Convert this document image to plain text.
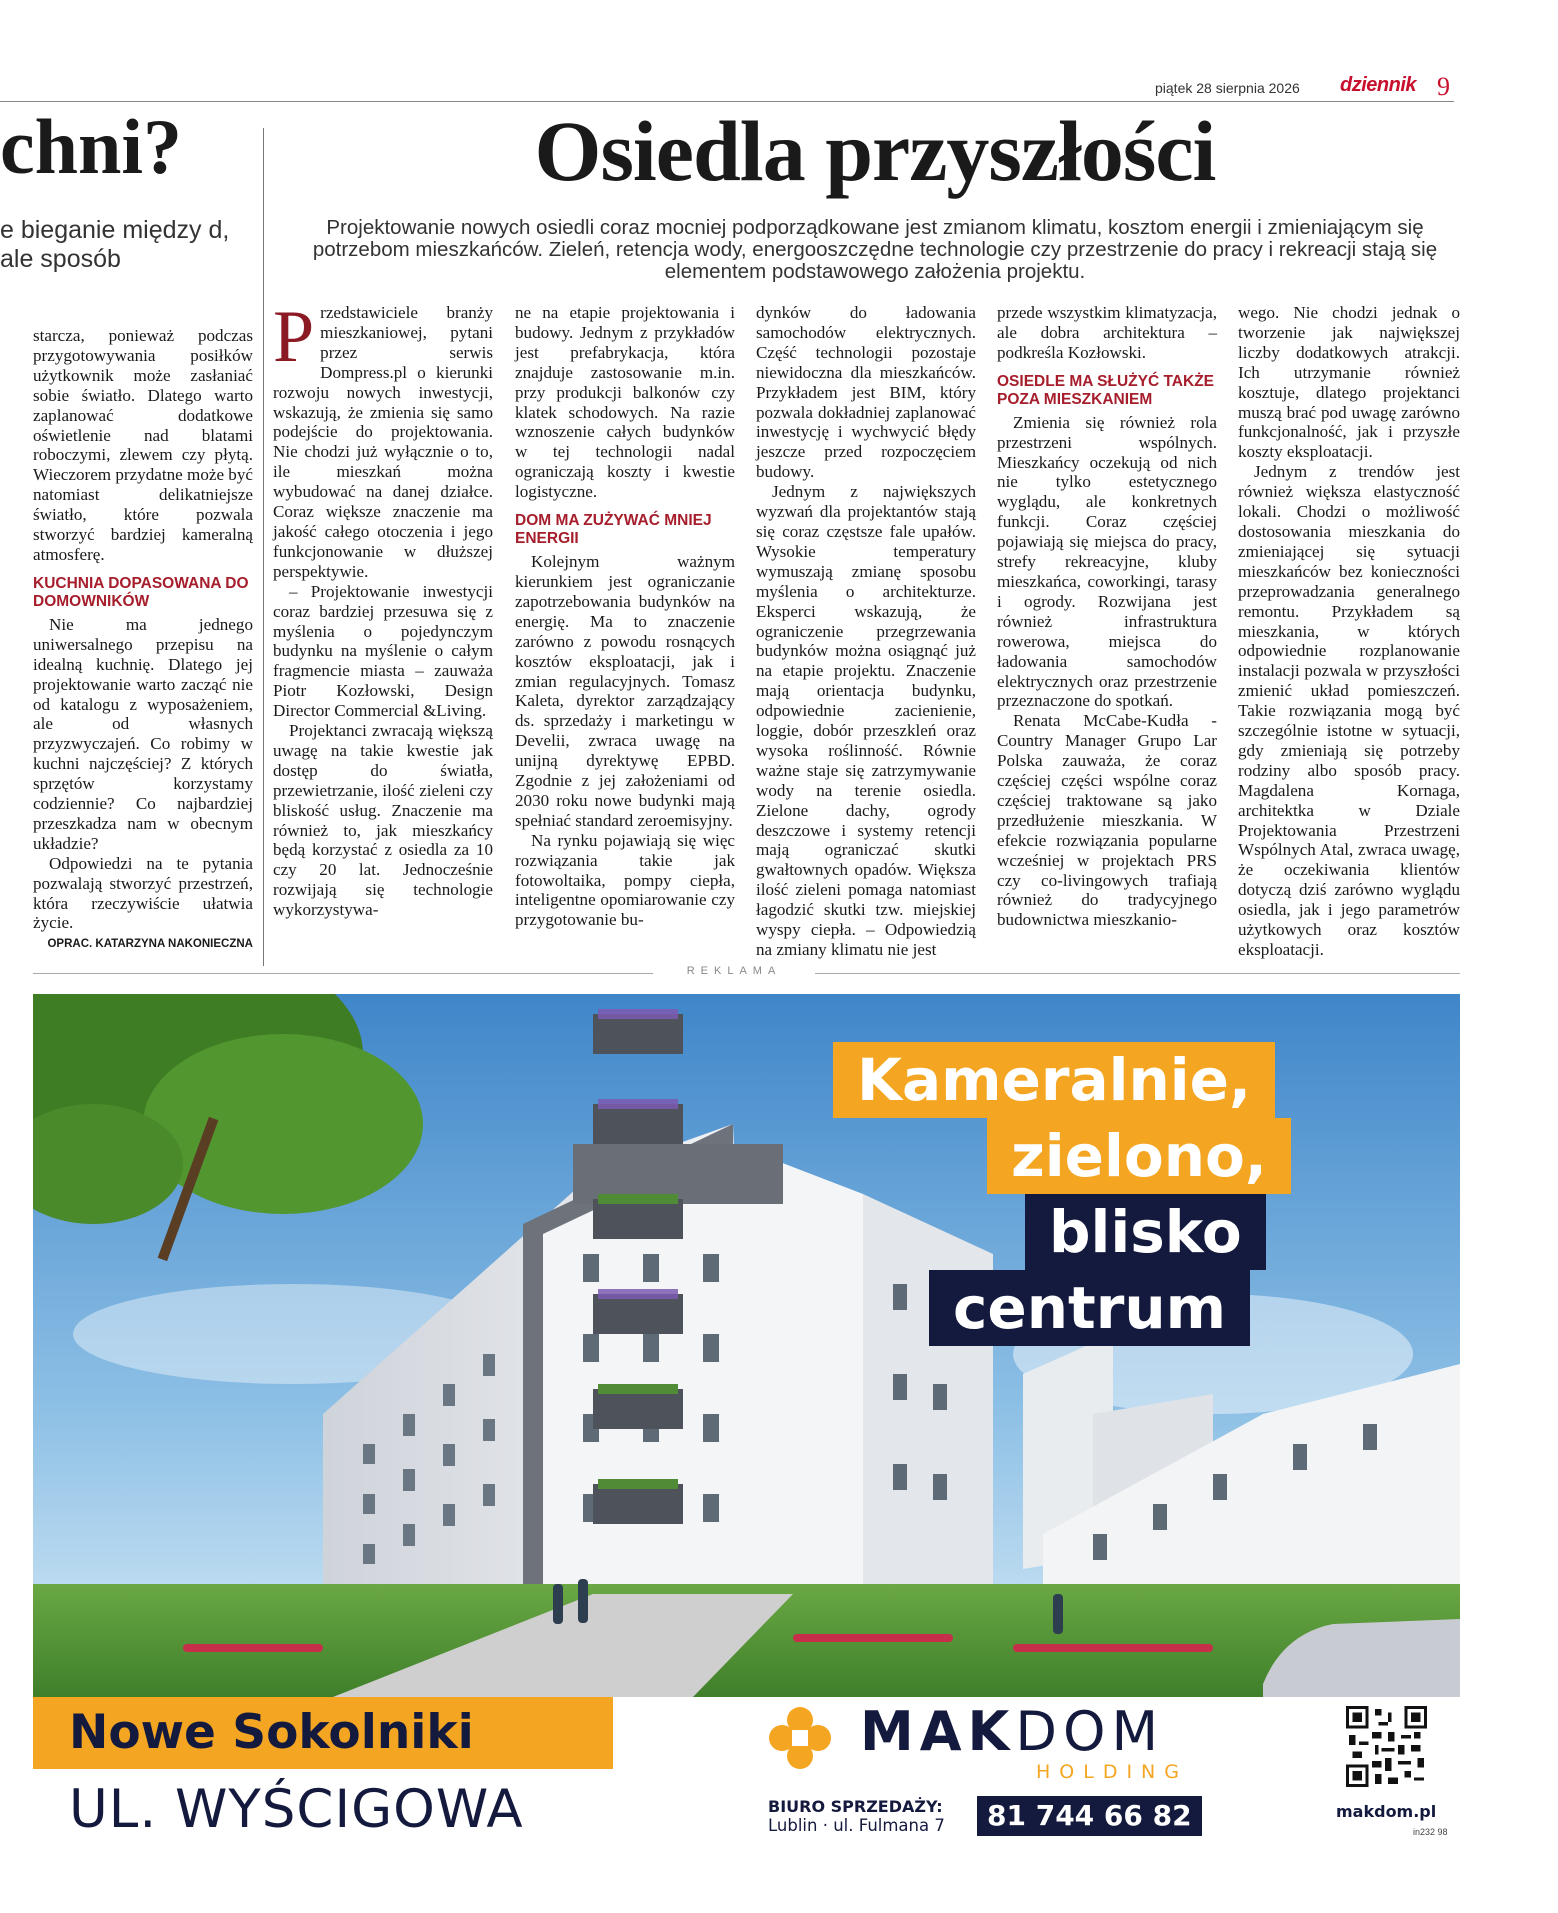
piątek 28 sierpnia 2026 dziennik 9
chni?
e bieganie między d, ale sposób

starcza, ponieważ podczas przygotowywania posiłków użytkownik może zasłaniać sobie światło. Dlatego warto zaplanować dodatkowe oświetlenie nad blatami roboczymi, zlewem czy płytą. Wieczorem przydatne może być natomiast delikatniejsze światło, które pozwala stworzyć bardziej kameralną atmosferę.

KUCHNIA DOPASOWANA DO DOMOWNIKÓW

Nie ma jednego uniwersalnego przepisu na idealną kuchnię. Dlatego jej projektowanie warto zacząć nie od katalogu z wyposażeniem, ale od własnych przyzwyczajeń. Co robimy w kuchni najczęściej? Z których sprzętów korzystamy codziennie? Co najbardziej przeszkadza nam w obecnym układzie?

Odpowiedzi na te pytania pozwalają stworzyć przestrzeń, która rzeczywiście ułatwia życie.

OPRAC. KATARZYNA NAKONIECZNA

Osiedla przyszłości
Projektowanie nowych osiedli coraz mocniej podporządkowane jest zmianom klimatu, kosztom energii i zmieniającym się potrzebom mieszkańców. Zieleń, retencja wody, energooszczędne technologie czy przestrzenie do pracy i rekreacji stają się elementem podstawowego założenia projektu.

Przedstawiciele branży mieszkaniowej, pytani przez serwis Dompress.pl o kierunki rozwoju nowych inwestycji, wskazują, że zmienia się samo podejście do projektowania. Nie chodzi już wyłącznie o to, ile mieszkań można wybudować na danej działce. Coraz większe znaczenie ma jakość całego otoczenia i jego funkcjonowanie w dłuższej perspektywie.

– Projektowanie inwestycji coraz bardziej przesuwa się z myślenia o pojedynczym budynku na myślenie o całym fragmencie miasta – zauważa Piotr Kozłowski, Design Director Commercial &Living.

Projektanci zwracają większą uwagę na takie kwestie jak dostęp do światła, przewietrzanie, ilość zieleni czy bliskość usług. Znaczenie ma również to, jak mieszkańcy będą korzystać z osiedla za 10 czy 20 lat. Jednocześnie rozwijają się technologie wykorzystywa-

ne na etapie projektowania i budowy. Jednym z przykładów jest prefabrykacja, która znajduje zastosowanie m.in. przy produkcji balkonów czy klatek schodowych. Na razie wznoszenie całych budynków w tej technologii nadal ograniczają koszty i kwestie logistyczne.

DOM MA ZUŻYWAĆ MNIEJ ENERGII

Kolejnym ważnym kierunkiem jest ograniczanie zapotrzebowania budynków na energię. Ma to znaczenie zarówno z powodu rosnących kosztów eksploatacji, jak i zmian regulacyjnych. Tomasz Kaleta, dyrektor zarządzający ds. sprzedaży i marketingu w Develii, zwraca uwagę na unijną dyrektywę EPBD. Zgodnie z jej założeniami od 2030 roku nowe budynki mają spełniać standard zeroemisyjny.

Na rynku pojawiają się więc rozwiązania takie jak fotowoltaika, pompy ciepła, inteligentne opomiarowanie czy przygotowanie bu-

dynków do ładowania samochodów elektrycznych. Część technologii pozostaje niewidoczna dla mieszkańców. Przykładem jest BIM, który pozwala dokładniej zaplanować inwestycję i wychwycić błędy jeszcze przed rozpoczęciem budowy.

Jednym z największych wyzwań dla projektantów stają się coraz częstsze fale upałów. Wysokie temperatury wymuszają zmianę sposobu myślenia o architekturze. Eksperci wskazują, że ograniczenie przegrzewania budynków można osiągnąć już na etapie projektu. Znaczenie mają orientacja budynku, odpowiednie zacienienie, loggie, dobór przeszkleń oraz wysoka roślinność. Równie ważne staje się zatrzymywanie wody na terenie osiedla. Zielone dachy, ogrody deszczowe i systemy retencji mają ograniczać skutki gwałtownych opadów. Większa ilość zieleni pomaga natomiast łagodzić skutki tzw. miejskiej wyspy ciepła. – Odpowiedzią na zmiany klimatu nie jest

przede wszystkim klimatyzacja, ale dobra architektura – podkreśla Kozłowski.

OSIEDLE MA SŁUŻYĆ TAKŻE POZA MIESZKANIEM

Zmienia się również rola przestrzeni wspólnych. Mieszkańcy oczekują od nich nie tylko estetycznego wyglądu, ale konkretnych funkcji. Coraz częściej pojawiają się miejsca do pracy, strefy rekreacyjne, kluby mieszkańca, coworkingi, tarasy i ogrody. Rozwijana jest również infrastruktura rowerowa, miejsca do ładowania samochodów elektrycznych oraz przestrzenie przeznaczone do spotkań.

Renata McCabe-Kudła - Country Manager Grupo Lar Polska zauważa, że coraz częściej części wspólne coraz częściej traktowane są jako przedłużenie mieszkania. W efekcie rozwiązania popularne wcześniej w projektach PRS czy co-livingowych trafiają również do tradycyjnego budownictwa mieszkanio-

wego. Nie chodzi jednak o tworzenie jak największej liczby dodatkowych atrakcji. Ich utrzymanie również kosztuje, dlatego projektanci muszą brać pod uwagę zarówno funkcjonalność, jak i przyszłe koszty eksploatacji.

Jednym z trendów jest również większa elastyczność lokali. Chodzi o możliwość dostosowania mieszkania do zmieniającej się sytuacji mieszkańców bez konieczności przeprowadzania generalnego remontu. Przykładem są mieszkania, w których odpowiednie rozplanowanie instalacji pozwala w przyszłości zmienić układ pomieszczeń. Takie rozwiązania mogą być szczególnie istotne w sytuacji, gdy zmieniają się potrzeby rodziny albo sposób pracy. Magdalena Kornaga, architektka w Dziale Projektowania Przestrzeni Wspólnych Atal, zwraca uwagę, że oczekiwania klientów dotyczą dziś zarówno wyglądu osiedla, jak i jego parametrów użytkowych oraz kosztów eksploatacji.

REKLAMA
Kameralnie,
zielono,
blisko
centrum
Nowe Sokolniki
UL. WYŚCIGOWA
MAKDOM
HOLDING
BIURO SPRZEDAŻY:
Lublin · ul. Fulmana 7	81 744 66 82	makdom.pl
in232 98
